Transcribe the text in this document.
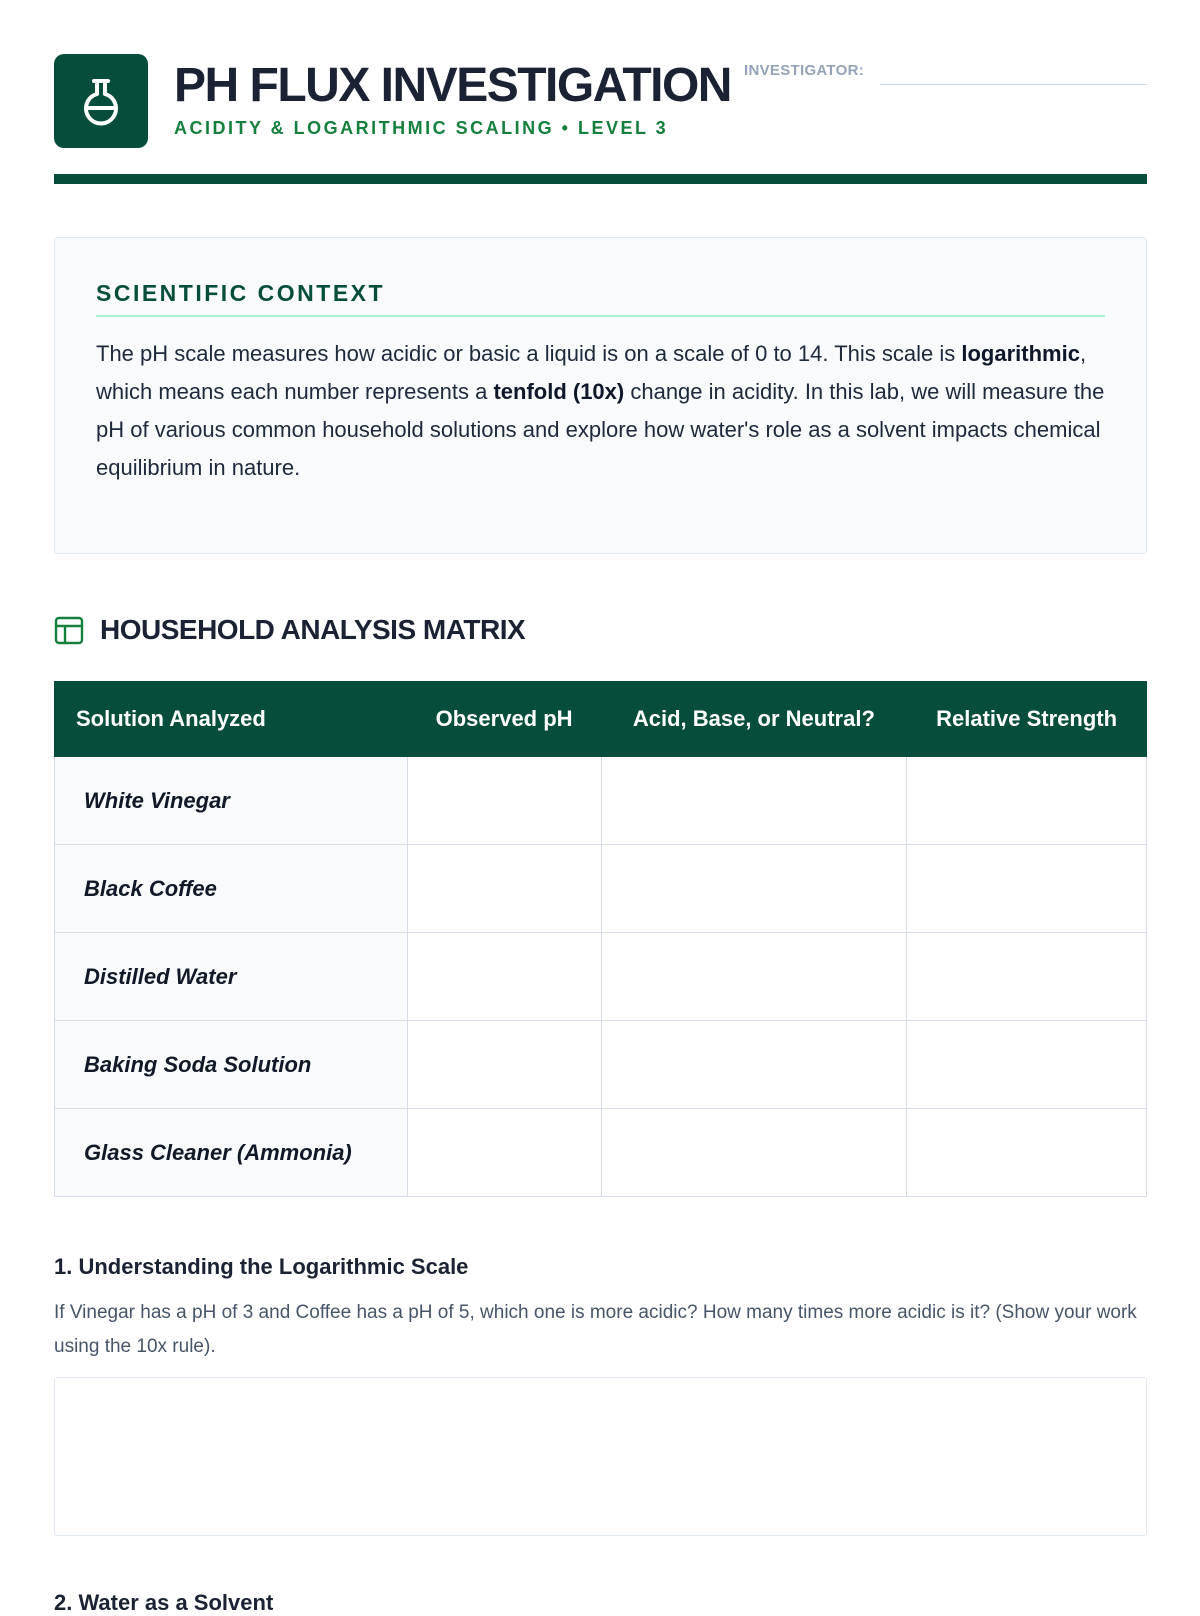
PH FLUX INVESTIGATION
ACIDITY & LOGARITHMIC SCALING • LEVEL 3
INVESTIGATOR:
SCIENTIFIC CONTEXT

The pH scale measures how acidic or basic a liquid is on a scale of 0 to 14. This scale is logarithmic, which means each number represents a tenfold (10x) change in acidity. In this lab, we will measure the pH of various common household solutions and explore how water's role as a solvent impacts chemical equilibrium in nature.

HOUSEHOLD ANALYSIS MATRIX
Solution Analyzed	Observed pH	Acid, Base, or Neutral?	Relative Strength
White Vinegar			
Black Coffee			
Distilled Water			
Baking Soda Solution			
Glass Cleaner (Ammonia)			
1. Understanding the Logarithmic Scale
If Vinegar has a pH of 3 and Coffee has a pH of 5, which one is more acidic? How many times more acidic is it? (Show your work using the 10x rule).
2. Water as a Solvent
